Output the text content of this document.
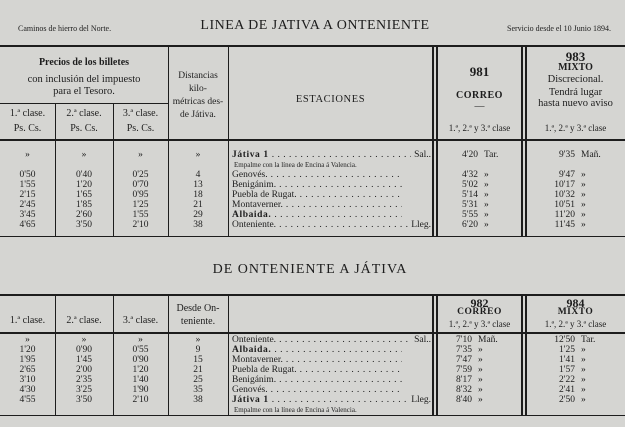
Caminos de hierro del Norte.	LINEA DE JATIVA A ONTENIENTE	Servicio desde el 10 Junio 1894.
Precios de los billetes
con inclusión del impuesto
para el Tesoro.
1.ª clase.
Ps. Cs.
2.ª clase.
Ps. Cs.
3.ª clase.
Ps. Cs.
Distancias
kilo-
métricas des-
de Játiva.
ESTACIONES
981
CORREO
—
1.ª, 2.ª y 3.ª clase
983
MIXTO
Discrecional.
Tendrá lugar
hasta nuevo aviso
1.ª, 2.ª y 3.ª clase
»	»	»	»	Játiva 1 . . .	Sal..	4'20 Tar.	9'35 Mañ.
Empalme con la línea de Encina á Valencia.
0'50	0'40	0'25	4	Genovés. . . .	4'32 »	9'47 »
1'55	1'20	0'70	13	Benigánim. . . .	5'02 »	10'17 »
2'15	1'65	0'95	18	Puebla de Rugat. . . .	5'14 »	10'32 »
2'45	1'85	1'25	21	Montaverner. . . .	5'31 »	10'51 »
3'45	2'60	1'55	29	Albaida. . . .	5'55 »	11'20 »
4'65	3'50	2'10	38	Onteniente. . . .	Lleg.	6'20 »	11'45 »
DE ONTENIENTE A JÁTIVA
1.ª clase.	2.ª clase.	3.ª clase.
Desde On-
teniente.
982
CORREO
1.ª, 2.ª y 3.ª clase
984
MIXTO
1.ª, 2.ª y 3.ª clase
»	»	»	»	Onteniente. . . .	Sal..	7'10 Mañ.	12'50 Tar.
1'20	0'90	0'55	9	Albaida. . . .	7'35 »	1'25 »
1'95	1'45	0'90	15	Montaverner. . . .	7'47 »	1'41 »
2'65	2'00	1'20	21	Puebla de Rugat. . . .	7'59 »	1'57 »
3'10	2'35	1'40	25	Benigánim. . . .	8'17 »	2'22 »
4'30	3'25	1'90	35	Genovés. . . .	8'32 »	2'41 »
4'55	3'50	2'10	38	Játiva 1 . . .	Lleg.	8'40 »	2'50 »
Empalme con la línea de Encina á Valencia.
